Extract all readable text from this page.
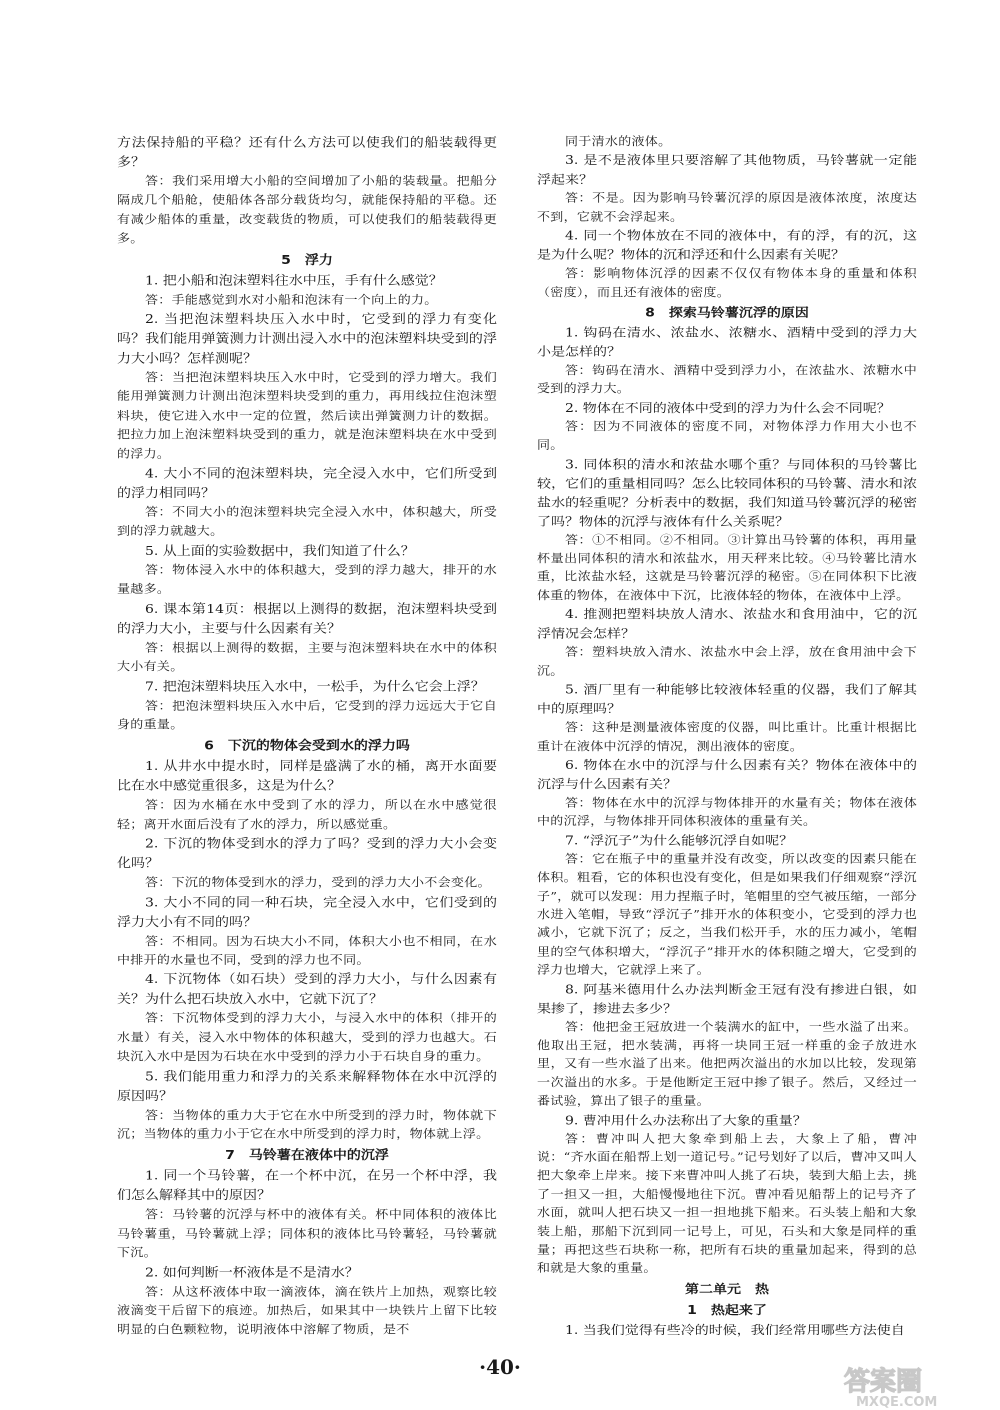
方法保持船的平稳？还有什么方法可以使我们的船装载得更多？

答：我们采用增大小船的空间增加了小船的装载量。把船分隔成几个船舱，使船体各部分载货均匀，就能保持船的平稳。还有减少船体的重量，改变载货的物质，可以使我们的船装载得更多。

5　浮力

1. 把小船和泡沫塑料往水中压，手有什么感觉？

答：手能感觉到水对小船和泡沫有一个向上的力。

2. 当把泡沫塑料块压入水中时，它受到的浮力有变化吗？我们能用弹簧测力计测出浸入水中的泡沫塑料块受到的浮力大小吗？怎样测呢？

答：当把泡沫塑料块压入水中时，它受到的浮力增大。我们能用弹簧测力计测出泡沫塑料块受到的重力，再用线拉住泡沫塑料块，使它进入水中一定的位置，然后读出弹簧测力计的数据。把拉力加上泡沫塑料块受到的重力，就是泡沫塑料块在水中受到的浮力。

4. 大小不同的泡沫塑料块，完全浸入水中，它们所受到的浮力相同吗？

答：不同大小的泡沫塑料块完全浸入水中，体积越大，所受到的浮力就越大。

5. 从上面的实验数据中，我们知道了什么？

答：物体浸入水中的体积越大，受到的浮力越大，排开的水量越多。

6. 课本第14页：根据以上测得的数据，泡沫塑料块受到的浮力大小，主要与什么因素有关？

答：根据以上测得的数据，主要与泡沫塑料块在水中的体积大小有关。

7. 把泡沫塑料块压入水中，一松手，为什么它会上浮？

答：把泡沫塑料块压入水中后，它受到的浮力远远大于它自身的重量。

6　下沉的物体会受到水的浮力吗

1. 从井水中提水时，同样是盛满了水的桶，离开水面要比在水中感觉重很多，这是为什么？

答：因为水桶在水中受到了水的浮力，所以在水中感觉很轻；离开水面后没有了水的浮力，所以感觉重。

2. 下沉的物体受到水的浮力了吗？受到的浮力大小会变化吗？

答：下沉的物体受到水的浮力，受到的浮力大小不会变化。

3. 大小不同的同一种石块，完全浸入水中，它们受到的浮力大小有不同的吗？

答：不相同。因为石块大小不同，体积大小也不相同，在水中排开的水量也不同，受到的浮力也不同。

4. 下沉物体（如石块）受到的浮力大小，与什么因素有关？为什么把石块放入水中，它就下沉了？

答：下沉物体受到的浮力大小，与浸入水中的体积（排开的水量）有关，浸入水中物体的体积越大，受到的浮力也越大。石块沉入水中是因为石块在水中受到的浮力小于石块自身的重力。

5. 我们能用重力和浮力的关系来解释物体在水中沉浮的原因吗？

答：当物体的重力大于它在水中所受到的浮力时，物体就下沉；当物体的重力小于它在水中所受到的浮力时，物体就上浮。

7　马铃薯在液体中的沉浮

1. 同一个马铃薯，在一个杯中沉，在另一个杯中浮，我们怎么解释其中的原因？

答：马铃薯的沉浮与杯中的液体有关。杯中同体积的液体比马铃薯重，马铃薯就上浮；同体积的液体比马铃薯轻，马铃薯就下沉。

2. 如何判断一杯液体是不是清水？

答：从这杯液体中取一滴液体，滴在铁片上加热，观察比较液滴变干后留下的痕迹。加热后，如果其中一块铁片上留下比较明显的白色颗粒物，说明液体中溶解了物质，是不

同于清水的液体。

3. 是不是液体里只要溶解了其他物质，马铃薯就一定能浮起来？

答：不是。因为影响马铃薯沉浮的原因是液体浓度，浓度达不到，它就不会浮起来。

4. 同一个物体放在不同的液体中，有的浮，有的沉，这是为什么呢？物体的沉和浮还和什么因素有关呢？

答：影响物体沉浮的因素不仅仅有物体本身的重量和体积（密度），而且还有液体的密度。

8　探索马铃薯沉浮的原因

1. 钩码在清水、浓盐水、浓糖水、酒精中受到的浮力大小是怎样的？

答：钩码在清水、酒精中受到浮力小，在浓盐水、浓糖水中受到的浮力大。

2. 物体在不同的液体中受到的浮力为什么会不同呢？

答：因为不同液体的密度不同，对物体浮力作用大小也不同。

3. 同体积的清水和浓盐水哪个重？与同体积的马铃薯比较，它们的重量相同吗？怎么比较同体积的马铃薯、清水和浓盐水的轻重呢？分析表中的数据，我们知道马铃薯沉浮的秘密了吗？物体的沉浮与液体有什么关系呢？

答：①不相同。②不相同。③计算出马铃薯的体积，再用量杯量出同体积的清水和浓盐水，用天秤来比较。④马铃薯比清水重，比浓盐水轻，这就是马铃薯沉浮的秘密。⑤在同体积下比液体重的物体，在液体中下沉，比液体轻的物体，在液体中上浮。

4. 推测把塑料块放人清水、浓盐水和食用油中，它的沉浮情况会怎样？

答：塑料块放入清水、浓盐水中会上浮，放在食用油中会下沉。

5. 酒厂里有一种能够比较液体轻重的仪器，我们了解其中的原理吗？

答：这种是测量液体密度的仪器，叫比重计。比重计根据比重计在液体中沉浮的情况，测出液体的密度。

6. 物体在水中的沉浮与什么因素有关？物体在液体中的沉浮与什么因素有关？

答：物体在水中的沉浮与物体排开的水量有关；物体在液体中的沉浮，与物体排开同体积液体的重量有关。

7. “浮沉子”为什么能够沉浮自如呢？

答：它在瓶子中的重量并没有改变，所以改变的因素只能在体积。粗看，它的体积也没有变化，但是如果我们仔细观察“浮沉子”，就可以发现：用力捏瓶子时，笔帽里的空气被压缩，一部分水进入笔帽，导致“浮沉子”排开水的体积变小，它受到的浮力也减小，它就下沉了；反之，当我们松开手，水的压力减小，笔帽里的空气体积增大，“浮沉子”排开水的体积随之增大，它受到的浮力也增大，它就浮上来了。

8. 阿基米德用什么办法判断金王冠有没有掺进白银，如果掺了，掺进去多少？

答：他把金王冠放进一个装满水的缸中，一些水溢了出来。他取出王冠，把水装满，再将一块同王冠一样重的金子放进水里，又有一些水溢了出来。他把两次溢出的水加以比较，发现第一次溢出的水多。于是他断定王冠中掺了银子。然后，又经过一番试验，算出了银子的重量。

9. 曹冲用什么办法称出了大象的重量？

答：曹冲叫人把大象牵到船上去，大象上了船，曹冲说：“齐水面在船帮上划一道记号。”记号划好了以后，曹冲又叫人把大象牵上岸来。接下来曹冲叫人挑了石块，装到大船上去，挑了一担又一担，大船慢慢地往下沉。曹冲看见船帮上的记号齐了水面，就叫人把石块又一担一担地挑下船来。石头装上船和大象装上船，那船下沉到同一记号上，可见，石头和大象是同样的重量；再把这些石块称一称，把所有石块的重量加起来，得到的总和就是大象的重量。

第二单元　热

1　热起来了

1. 当我们觉得有些冷的时候，我们经常用哪些方法使自

·40·	答案圈
MXQE.COM
